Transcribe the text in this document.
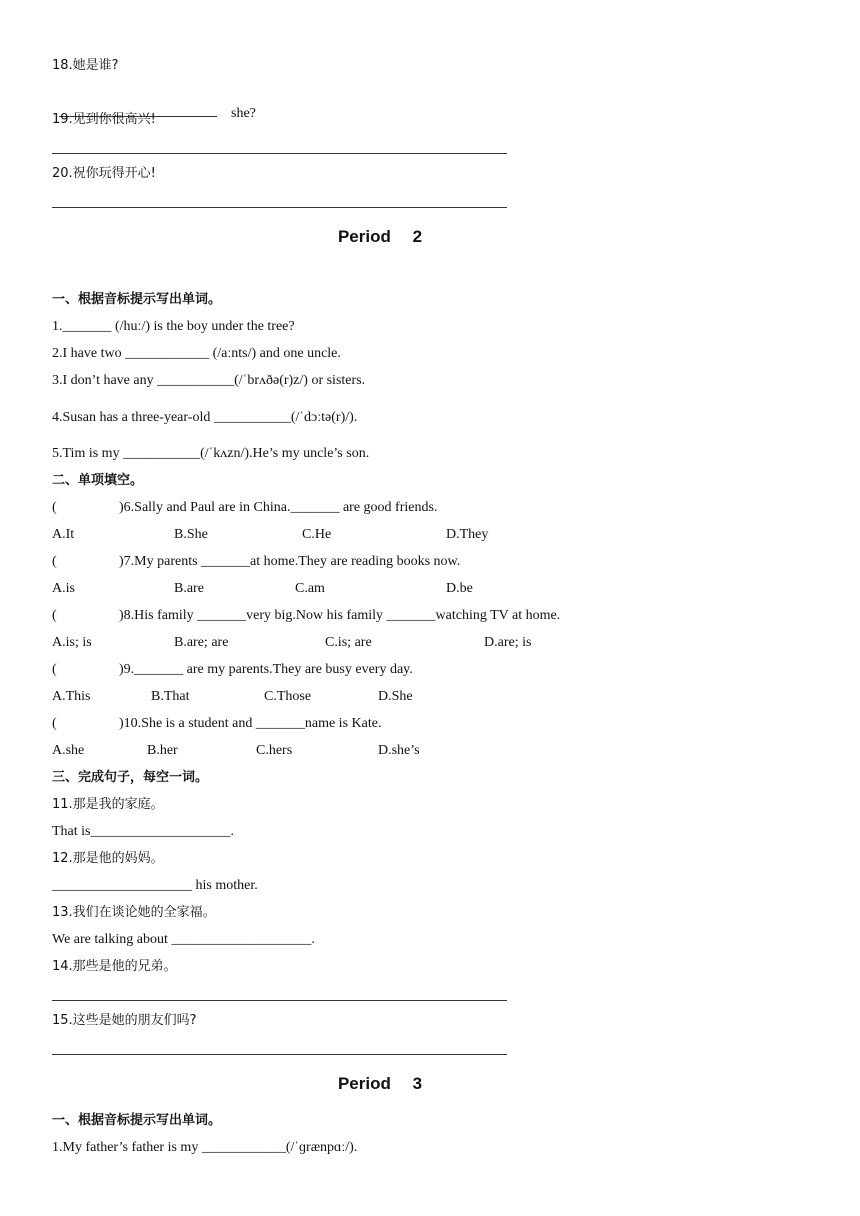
18.她是谁?

she?

19.见到你很高兴!
20.祝你玩得开心!
Period　 2
一、根据音标提示写出单词。
1._______ (/huː/) is the boy under the tree?
2.I have two ____________ (/aːnts/) and one uncle.
3.I don’t have any ___________(/ˈbrʌðə(r)z/) or sisters.
4.Susan has a three-year-old ___________(/ˈdɔːtə(r)/).
5.Tim is my ___________(/ˈkʌzn/).He’s my uncle’s son.
二、单项填空。
(	)6.Sally and Paul are in China._______ are good friends.
A.It	B.She	C.He	D.They
(	)7.My parents _______at home.They are reading books now.
A.is	B.are	C.am	D.be
(	)8.His family _______very big.Now his family _______watching TV at home.
A.is; is	B.are; are	C.is; are	D.are; is
(	)9._______ are my parents.They are busy every day.
A.This	B.That	C.Those	D.She
(	)10.She is a student and _______name is Kate.
A.she	B.her	C.hers	D.she’s
三、完成句子，每空一词。
11.那是我的家庭。
That is____________________.
12.那是他的妈妈。
____________________ his mother.
13.我们在谈论她的全家福。
We are talking about ____________________.
14.那些是他的兄弟。
15.这些是她的朋友们吗?
Period　 3
一、根据音标提示写出单词。
1.My father’s father is my ____________(/ˈɡrænpɑː/).
